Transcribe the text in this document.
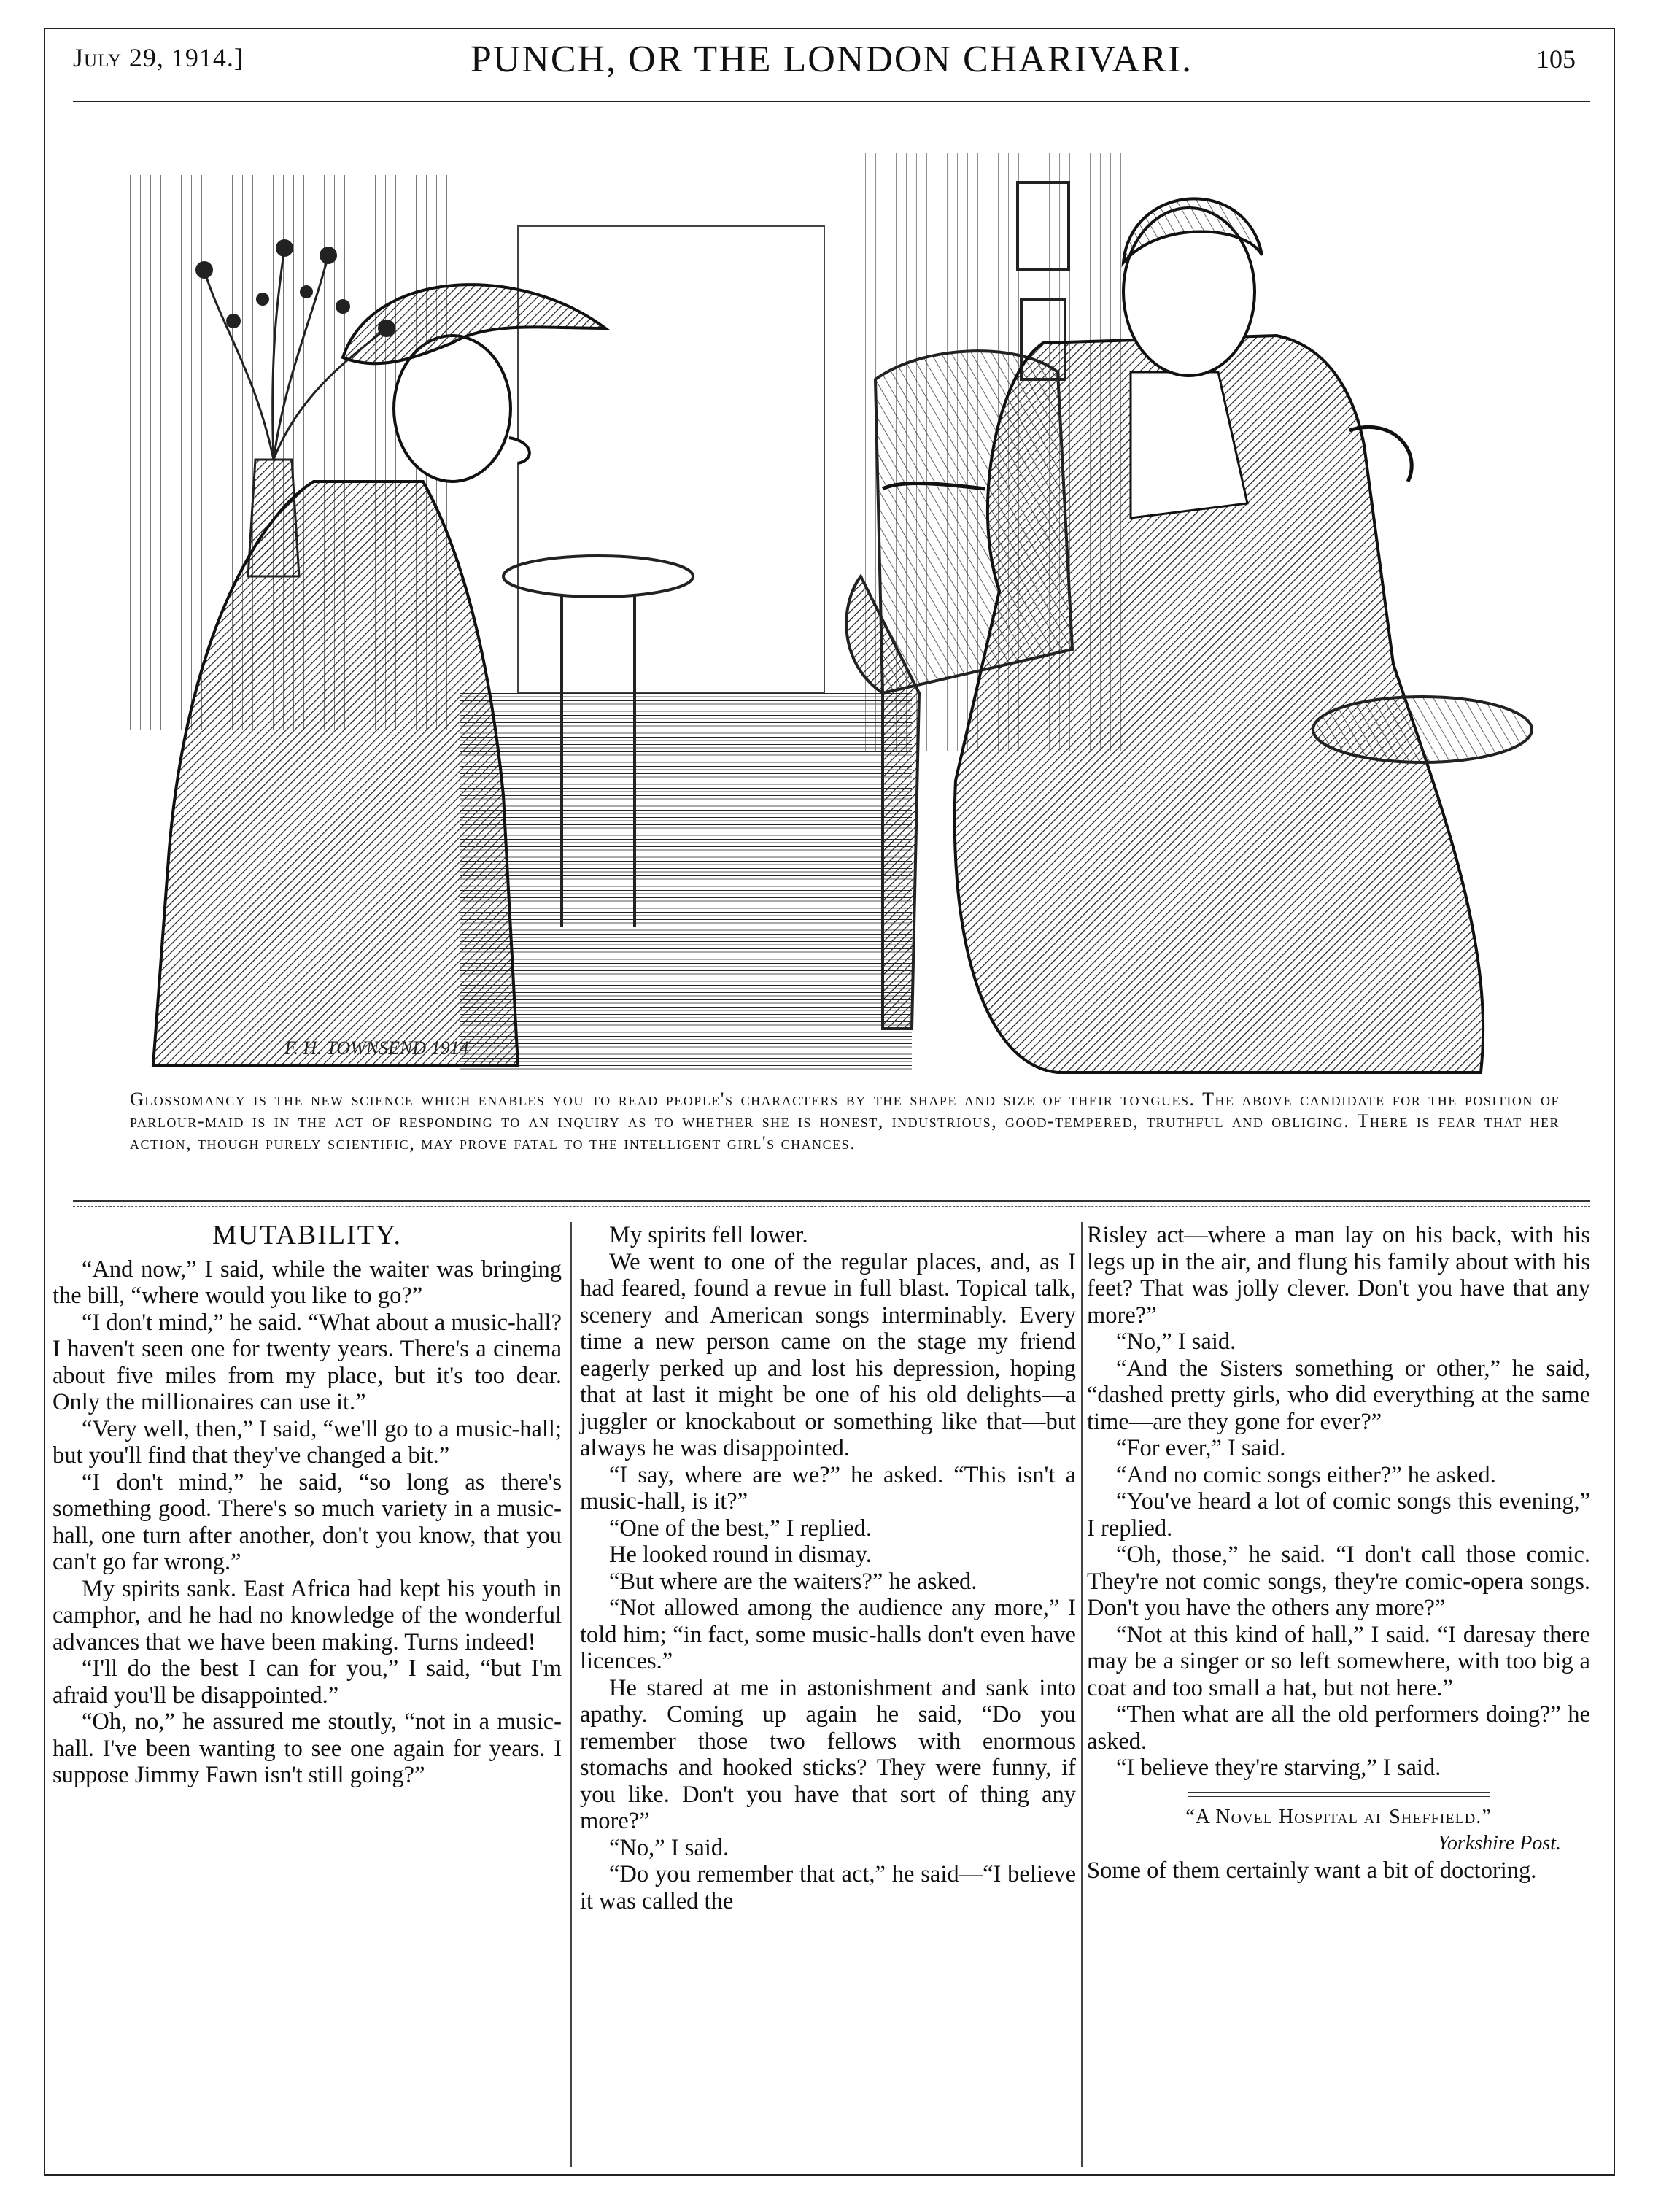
July 29, 1914.]	PUNCH, OR THE LONDON CHARIVARI.	105
F. H. TOWNSEND 1914
Glossomancy is the new science which enables you to read people's characters by the shape and size of their tongues. The above candidate for the position of parlour-maid is in the act of responding to an inquiry as to whether she is honest, industrious, good-tempered, truthful and obliging. There is fear that her action, though purely scientific, may prove fatal to the intelligent girl's chances.
MUTABILITY.

“And now,” I said, while the waiter was bringing the bill, “where would you like to go?”

“I don't mind,” he said. “What about a music-hall? I haven't seen one for twenty years. There's a cinema about five miles from my place, but it's too dear. Only the millionaires can use it.”

“Very well, then,” I said, “we'll go to a music-hall; but you'll find that they've changed a bit.”

“I don't mind,” he said, “so long as there's something good. There's so much variety in a music-hall, one turn after another, don't you know, that you can't go far wrong.”

My spirits sank. East Africa had kept his youth in camphor, and he had no knowledge of the wonderful advances that we have been making. Turns indeed!

“I'll do the best I can for you,” I said, “but I'm afraid you'll be disappointed.”

“Oh, no,” he assured me stoutly, “not in a music-hall. I've been wanting to see one again for years. I suppose Jimmy Fawn isn't still going?”

My spirits fell lower.

We went to one of the regular places, and, as I had feared, found a revue in full blast. Topical talk, scenery and American songs interminably. Every time a new person came on the stage my friend eagerly perked up and lost his depression, hoping that at last it might be one of his old delights—a juggler or knockabout or something like that—but always he was disappointed.

“I say, where are we?” he asked. “This isn't a music-hall, is it?”

“One of the best,” I replied.

He looked round in dismay.

“But where are the waiters?” he asked.

“Not allowed among the audience any more,” I told him; “in fact, some music-halls don't even have licences.”

He stared at me in astonishment and sank into apathy. Coming up again he said, “Do you remember those two fellows with enormous stomachs and hooked sticks? They were funny, if you like. Don't you have that sort of thing any more?”

“No,” I said.

“Do you remember that act,” he said—“I believe it was called the

Risley act—where a man lay on his back, with his legs up in the air, and flung his family about with his feet? That was jolly clever. Don't you have that any more?”

“No,” I said.

“And the Sisters something or other,” he said, “dashed pretty girls, who did everything at the same time—are they gone for ever?”

“For ever,” I said.

“And no comic songs either?” he asked.

“You've heard a lot of comic songs this evening,” I replied.

“Oh, those,” he said. “I don't call those comic. They're not comic songs, they're comic-opera songs. Don't you have the others any more?”

“Not at this kind of hall,” I said. “I daresay there may be a singer or so left somewhere, with too big a coat and too small a hat, but not here.”

“Then what are all the old performers doing?” he asked.

“I believe they're starving,” I said.

“A Novel Hospital at Sheffield.”
Yorkshire Post.

Some of them certainly want a bit of doctoring.
